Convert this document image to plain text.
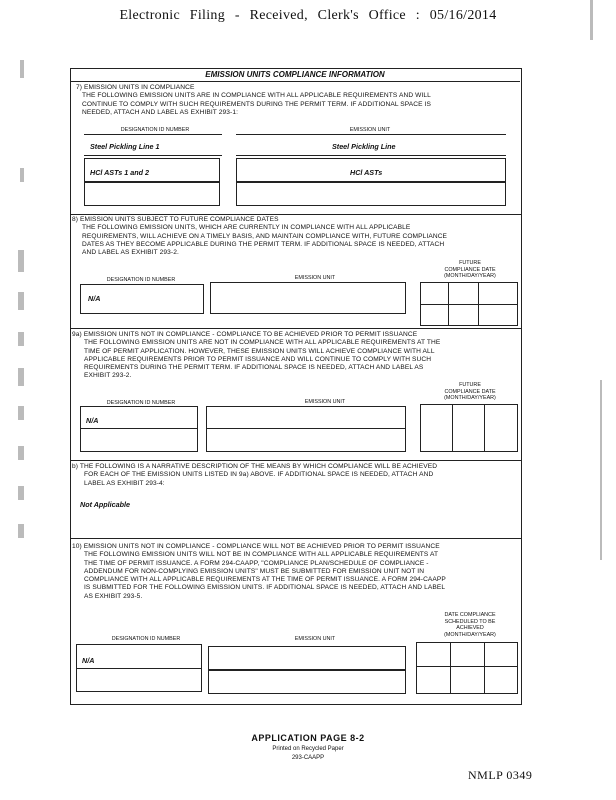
Electronic Filing - Received, Clerk's Office : 05/16/2014
EMISSION UNITS COMPLIANCE INFORMATION
7) EMISSION UNITS IN COMPLIANCE
THE FOLLOWING EMISSION UNITS ARE IN COMPLIANCE WITH ALL APPLICABLE REQUIREMENTS AND WILL
CONTINUE TO COMPLY WITH SUCH REQUIREMENTS DURING THE PERMIT TERM. IF ADDITIONAL SPACE IS
NEEDED, ATTACH AND LABEL AS EXHIBIT 293-1:
DESIGNATION ID NUMBER	EMISSION UNIT
Steel Pickling Line 1	Steel Pickling Line
HCl ASTs 1 and 2	HCl ASTs
8) EMISSION UNITS SUBJECT TO FUTURE COMPLIANCE DATES
THE FOLLOWING EMISSION UNITS, WHICH ARE CURRENTLY IN COMPLIANCE WITH ALL APPLICABLE
REQUIREMENTS, WILL ACHIEVE ON A TIMELY BASIS, AND MAINTAIN COMPLIANCE WITH, FUTURE COMPLIANCE
DATES AS THEY BECOME APPLICABLE DURING THE PERMIT TERM. IF ADDITIONAL SPACE IS NEEDED, ATTACH
AND LABEL AS EXHIBIT 293-2.
FUTURE
COMPLIANCE DATE
(MONTH/DAY/YEAR)
DESIGNATION ID NUMBER	EMISSION UNIT
N/A
9a) EMISSION UNITS NOT IN COMPLIANCE - COMPLIANCE TO BE ACHIEVED PRIOR TO PERMIT ISSUANCE
THE FOLLOWING EMISSION UNITS ARE NOT IN COMPLIANCE WITH ALL APPLICABLE REQUIREMENTS AT THE
TIME OF PERMIT APPLICATION. HOWEVER, THESE EMISSION UNITS WILL ACHIEVE COMPLIANCE WITH ALL
APPLICABLE REQUIREMENTS PRIOR TO PERMIT ISSUANCE AND WILL CONTINUE TO COMPLY WITH SUCH
REQUIREMENTS DURING THE PERMIT TERM. IF ADDITIONAL SPACE IS NEEDED, ATTACH AND LABEL AS
EXHIBIT 293-2.
FUTURE
COMPLIANCE DATE
(MONTH/DAY/YEAR)
DESIGNATION ID NUMBER	EMISSION UNIT
N/A
b) THE FOLLOWING IS A NARRATIVE DESCRIPTION OF THE MEANS BY WHICH COMPLIANCE WILL BE ACHIEVED
FOR EACH OF THE EMISSION UNITS LISTED IN 9a) ABOVE. IF ADDITIONAL SPACE IS NEEDED, ATTACH AND
LABEL AS EXHIBIT 293-4:
Not Applicable
10) EMISSION UNITS NOT IN COMPLIANCE - COMPLIANCE WILL NOT BE ACHIEVED PRIOR TO PERMIT ISSUANCE
THE FOLLOWING EMISSION UNITS WILL NOT BE IN COMPLIANCE WITH ALL APPLICABLE REQUIREMENTS AT
THE TIME OF PERMIT ISSUANCE. A FORM 294-CAAPP, "COMPLIANCE PLAN/SCHEDULE OF COMPLIANCE -
ADDENDUM FOR NON-COMPLYING EMISSION UNITS" MUST BE SUBMITTED FOR EMISSION UNIT NOT IN
COMPLIANCE WITH ALL APPLICABLE REQUIREMENTS AT THE TIME OF PERMIT ISSUANCE. A FORM 294-CAAPP
IS SUBMITTED FOR THE FOLLOWING EMISSION UNITS. IF ADDITIONAL SPACE IS NEEDED, ATTACH AND LABEL
AS EXHIBIT 293-5.
DATE COMPLIANCE
SCHEDULED TO BE
ACHIEVED
(MONTH/DAY/YEAR)
DESIGNATION ID NUMBER	EMISSION UNIT
N/A
APPLICATION PAGE 8-2
Printed on Recycled Paper
293-CAAPP
NMLP 0349
